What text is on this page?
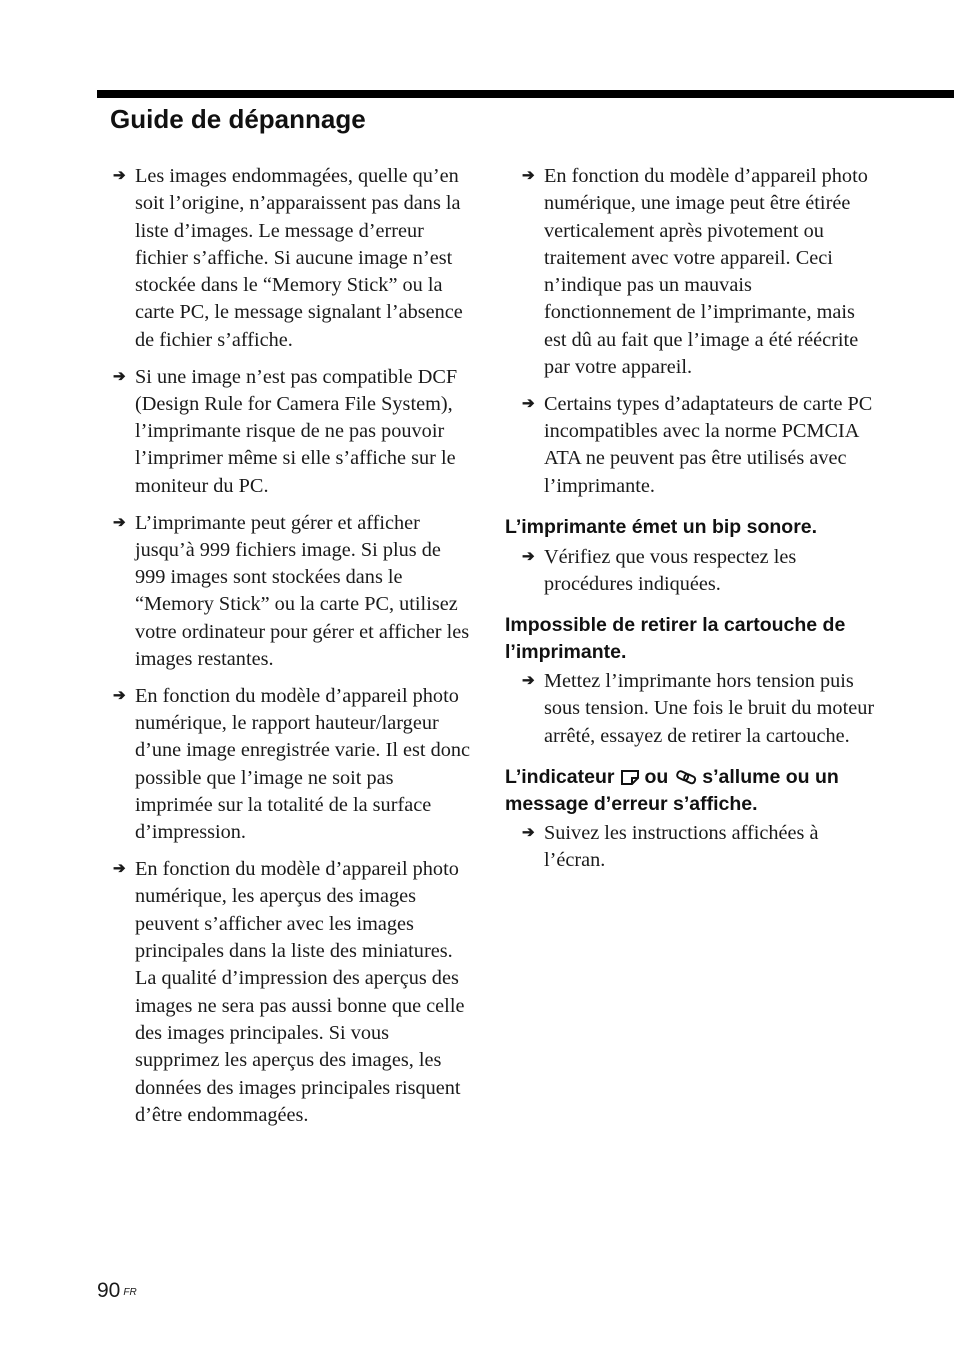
Guide de dépannage
➔ Les images endommagées, quelle qu’en soit l’origine, n’apparaissent pas dans la liste d’images. Le message d’erreur fichier s’affiche. Si aucune image n’est stockée dans le “Memory Stick” ou la carte PC, le message signalant l’absence de fichier s’affiche.
➔ Si une image n’est pas compatible DCF (Design Rule for Camera File System), l’imprimante risque de ne pas pouvoir l’imprimer même si elle s’affiche sur le moniteur du PC.
➔ L’imprimante peut gérer et afficher jusqu’à 999 fichiers image. Si plus de 999 images sont stockées dans le “Memory Stick” ou la carte PC, utilisez votre ordinateur pour gérer et afficher les images restantes.
➔ En fonction du modèle d’appareil photo numérique, le rapport hauteur/largeur d’une image enregistrée varie. Il est donc possible que l’image ne soit pas imprimée sur la totalité de la surface d’impression.
➔ En fonction du modèle d’appareil photo numérique, les aperçus des images peuvent s’afficher avec les images principales dans la liste des miniatures. La qualité d’impression des aperçus des images ne sera pas aussi bonne que celle des images principales. Si vous supprimez les aperçus des images, les données des images principales risquent d’être endommagées.
➔ En fonction du modèle d’appareil photo numérique, une image peut être étirée verticalement après pivotement ou traitement avec votre appareil. Ceci n’indique pas un mauvais fonctionnement de l’imprimante, mais est dû au fait que l’image a été réécrite par votre appareil.
➔ Certains types d’adaptateurs de carte PC incompatibles avec la norme PCMCIA ATA ne peuvent pas être utilisés avec l’imprimante.
L’imprimante émet un bip sonore.
➔ Vérifiez que vous respectez les procédures indiquées.
Impossible de retirer la cartouche de l’imprimante.
➔ Mettez l’imprimante hors tension puis sous tension. Une fois le bruit du moteur arrêté, essayez de retirer la cartouche.
L’indicateur ou s’allume ou un message d’erreur s’affiche.
➔ Suivez les instructions affichées à l’écran.
90 $^{FR}$
